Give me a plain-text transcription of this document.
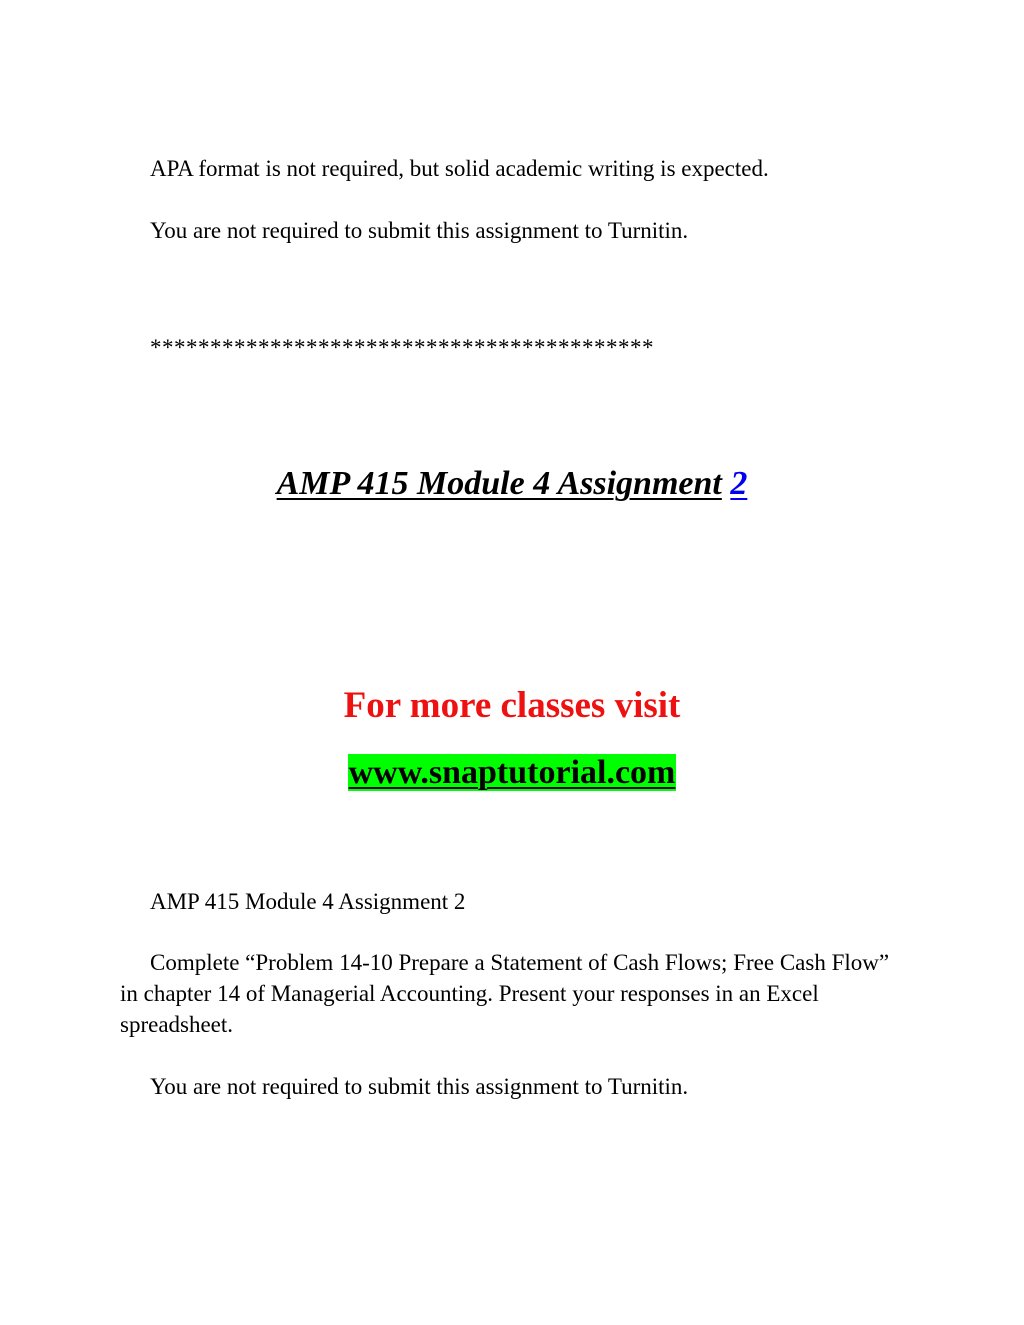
APA format is not required, but solid academic writing is expected.

You are not required to submit this assignment to Turnitin.

******************************************

AMP 415 Module 4 Assignment 2

For more classes visit

www.snaptutorial.com

AMP 415 Module 4 Assignment 2

Complete “Problem 14-10 Prepare a Statement of Cash Flows; Free Cash Flow” in chapter 14 of Managerial Accounting. Present your responses in an Excel spreadsheet.

You are not required to submit this assignment to Turnitin.
